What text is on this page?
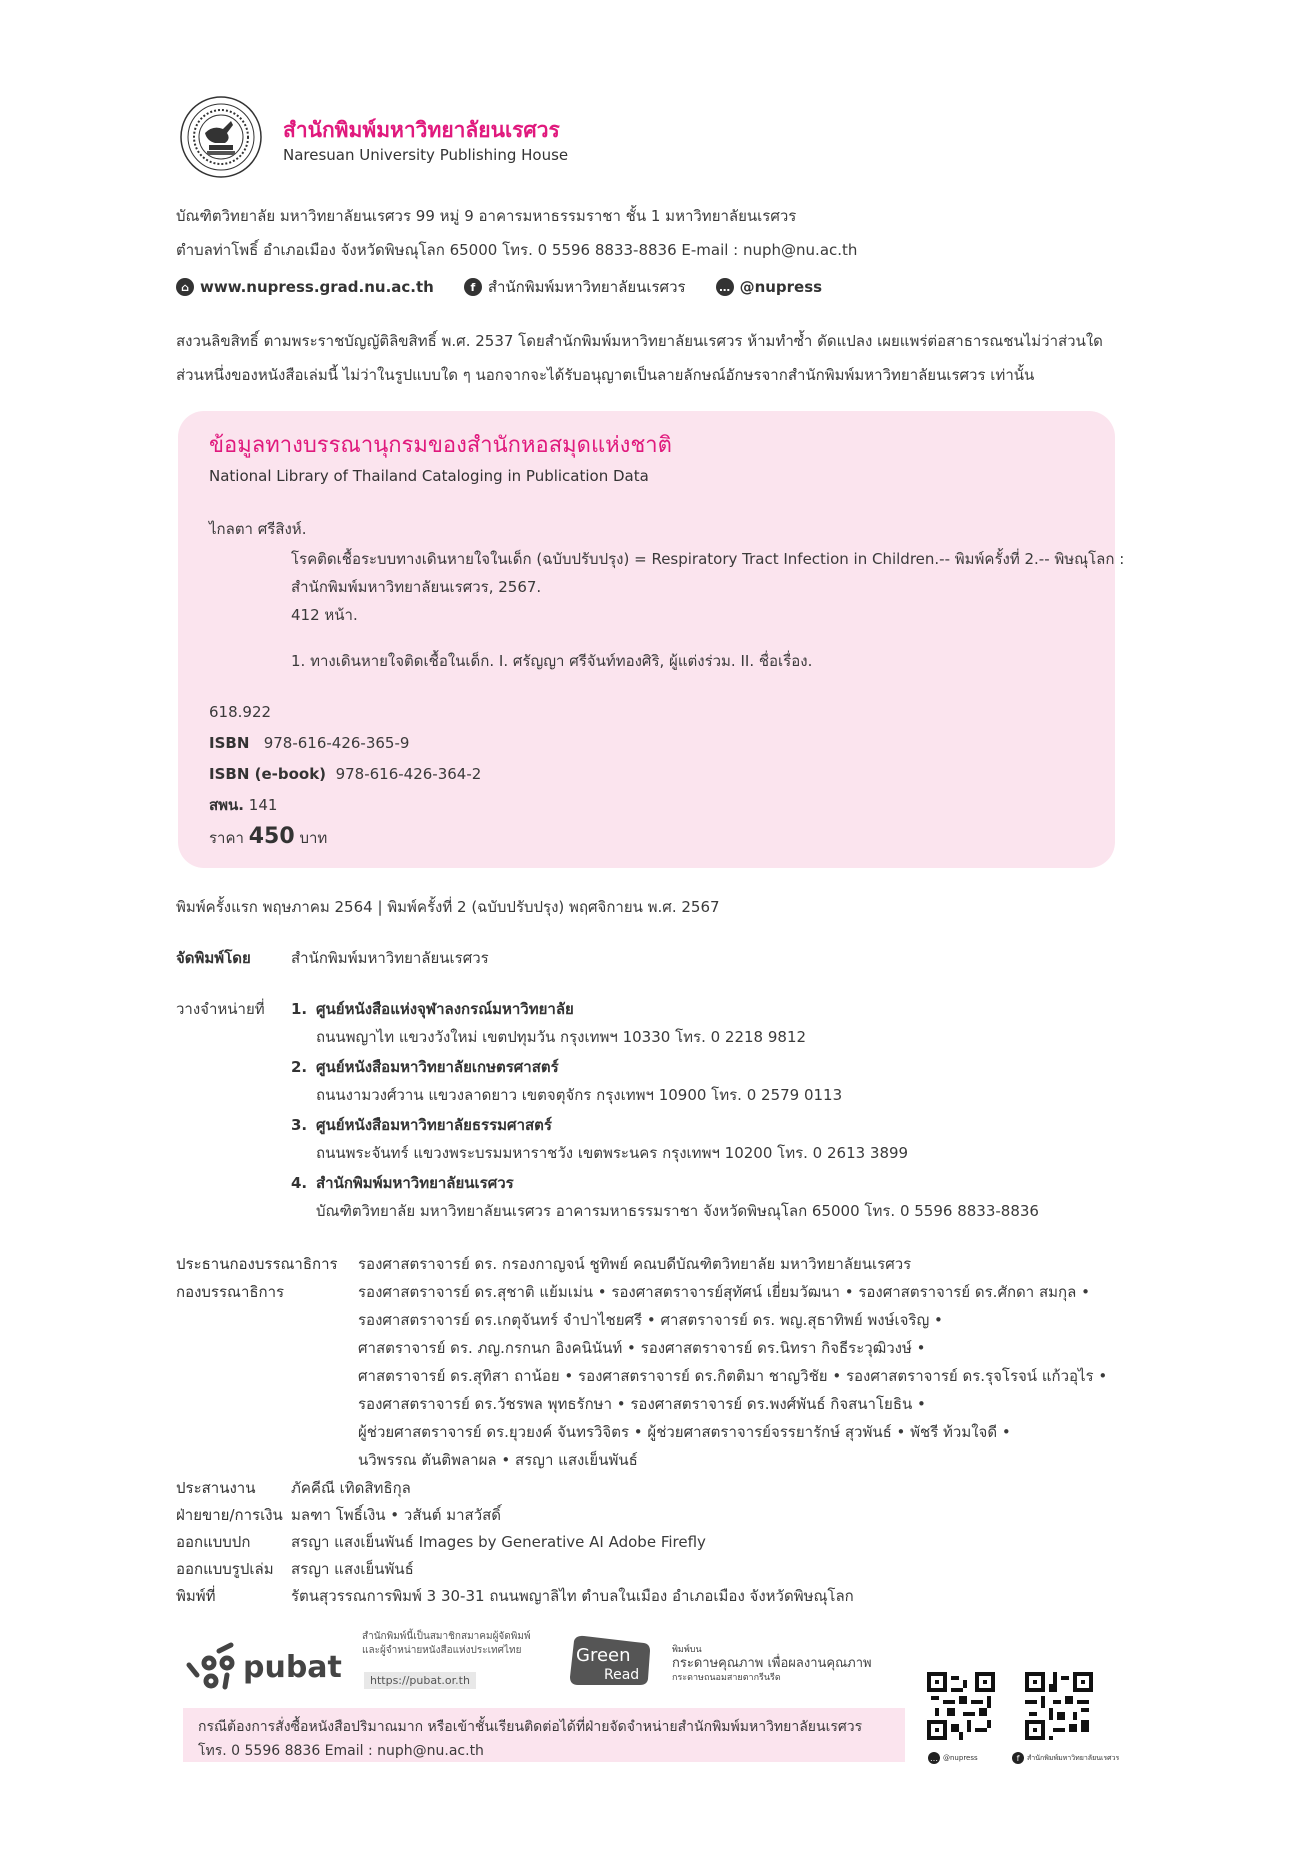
สำนักพิมพ์มหาวิทยาลัยนเรศวร
Naresuan University Publishing House
บัณฑิตวิทยาลัย มหาวิทยาลัยนเรศวร 99 หมู่ 9 อาคารมหาธรรมราชา ชั้น 1 มหาวิทยาลัยนเรศวร
ตำบลท่าโพธิ์ อำเภอเมือง จังหวัดพิษณุโลก 65000 โทร. 0 5596 8833-8836 E-mail : nuph@nu.ac.th
⌂ www.nupress.grad.nu.ac.th	f สำนักพิมพ์มหาวิทยาลัยนเรศวร	… @nupress
สงวนลิขสิทธิ์ ตามพระราชบัญญัติลิขสิทธิ์ พ.ศ. 2537 โดยสำนักพิมพ์มหาวิทยาลัยนเรศวร ห้ามทำซ้ำ ดัดแปลง เผยแพร่ต่อสาธารณชนไม่ว่าส่วนใด
ส่วนหนึ่งของหนังสือเล่มนี้ ไม่ว่าในรูปแบบใด ๆ นอกจากจะได้รับอนุญาตเป็นลายลักษณ์อักษรจากสำนักพิมพ์มหาวิทยาลัยนเรศวร เท่านั้น
ข้อมูลทางบรรณานุกรมของสำนักหอสมุดแห่งชาติ
National Library of Thailand Cataloging in Publication Data
ไกลตา ศรีสิงห์.
โรคติดเชื้อระบบทางเดินหายใจในเด็ก (ฉบับปรับปรุง) = Respiratory Tract Infection in Children.-- พิมพ์ครั้งที่ 2.-- พิษณุโลก :
สำนักพิมพ์มหาวิทยาลัยนเรศวร, 2567.
412 หน้า.
1. ทางเดินหายใจติดเชื้อในเด็ก. I. ศรัญญา ศรีจันท์ทองศิริ, ผู้แต่งร่วม. II. ชื่อเรื่อง.
618.922
ISBN 978-616-426-365-9
ISBN (e-book) 978-616-426-364-2
สพน. 141
ราคา 450 บาท
พิมพ์ครั้งแรก พฤษภาคม 2564 | พิมพ์ครั้งที่ 2 (ฉบับปรับปรุง) พฤศจิกายน พ.ศ. 2567
จัดพิมพ์โดย	สำนักพิมพ์มหาวิทยาลัยนเรศวร
วางจำหน่ายที่ 1. ศูนย์หนังสือแห่งจุฬาลงกรณ์มหาวิทยาลัย
ถนนพญาไท แขวงวังใหม่ เขตปทุมวัน กรุงเทพฯ 10330 โทร. 0 2218 9812
2. ศูนย์หนังสือมหาวิทยาลัยเกษตรศาสตร์
ถนนงามวงศ์วาน แขวงลาดยาว เขตจตุจักร กรุงเทพฯ 10900 โทร. 0 2579 0113
3. ศูนย์หนังสือมหาวิทยาลัยธรรมศาสตร์
ถนนพระจันทร์ แขวงพระบรมมหาราชวัง เขตพระนคร กรุงเทพฯ 10200 โทร. 0 2613 3899
4. สำนักพิมพ์มหาวิทยาลัยนเรศวร
บัณฑิตวิทยาลัย มหาวิทยาลัยนเรศวร อาคารมหาธรรมราชา จังหวัดพิษณุโลก 65000 โทร. 0 5596 8833-8836
ประธานกองบรรณาธิการ	รองศาสตราจารย์ ดร. กรองกาญจน์ ชูทิพย์ คณบดีบัณฑิตวิทยาลัย มหาวิทยาลัยนเรศวร
กองบรรณาธิการ	รองศาสตราจารย์ ดร.สุชาติ แย้มเม่น • รองศาสตราจารย์สุทัศน์ เยี่ยมวัฒนา • รองศาสตราจารย์ ดร.ศักดา สมกุล •
รองศาสตราจารย์ ดร.เกตุจันทร์ จำปาไชยศรี • ศาสตราจารย์ ดร. พญ.สุธาทิพย์ พงษ์เจริญ •
ศาสตราจารย์ ดร. ภญ.กรกนก อิงคนินันท์ • รองศาสตราจารย์ ดร.นิทรา กิจธีระวุฒิวงษ์ •
ศาสตราจารย์ ดร.สุทิสา ถาน้อย • รองศาสตราจารย์ ดร.กิตติมา ชาญวิชัย • รองศาสตราจารย์ ดร.รุจโรจน์ แก้วอุไร •
รองศาสตราจารย์ ดร.วัชรพล พุทธรักษา • รองศาสตราจารย์ ดร.พงศ์พันธ์ กิจสนาโยธิน •
ผู้ช่วยศาสตราจารย์ ดร.ยุวยงค์ จันทรวิจิตร • ผู้ช่วยศาสตราจารย์จรรยารักษ์ สุวพันธ์ • พัชรี ท้วมใจดี •
นวิพรรณ ตันติพลาผล • สรญา แสงเย็นพันธ์
ประสานงาน	ภัคคีณี เทิดสิทธิกุล
ฝ่ายขาย/การเงิน มลฑา โพธิ์เงิน • วสันต์ มาสวัสดิ์
ออกแบบปก	สรญา แสงเย็นพันธ์ Images by Generative AI Adobe Firefly
ออกแบบรูปเล่ม	สรญา แสงเย็นพันธ์
พิมพ์ที่	รัตนสุวรรณการพิมพ์ 3 30-31 ถนนพญาลิไท ตำบลในเมือง อำเภอเมือง จังหวัดพิษณุโลก
pubat
สำนักพิมพ์นี้เป็นสมาชิกสมาคมผู้จัดพิมพ์
และผู้จำหน่ายหนังสือแห่งประเทศไทย
https://pubat.or.th
Green
Read
พิมพ์บน
กระดาษคุณภาพ เพื่อผลงานคุณภาพ
กระดาษถนอมสายตากรีนรีด
กรณีต้องการสั่งซื้อหนังสือปริมาณมาก หรือเข้าชั้นเรียนติดต่อได้ที่ฝ่ายจัดจำหน่ายสำนักพิมพ์มหาวิทยาลัยนเรศวร
โทร. 0 5596 8836 Email : nuph@nu.ac.th	… @nupress	f	สำนักพิมพ์มหาวิทยาลัยนเรศวร
